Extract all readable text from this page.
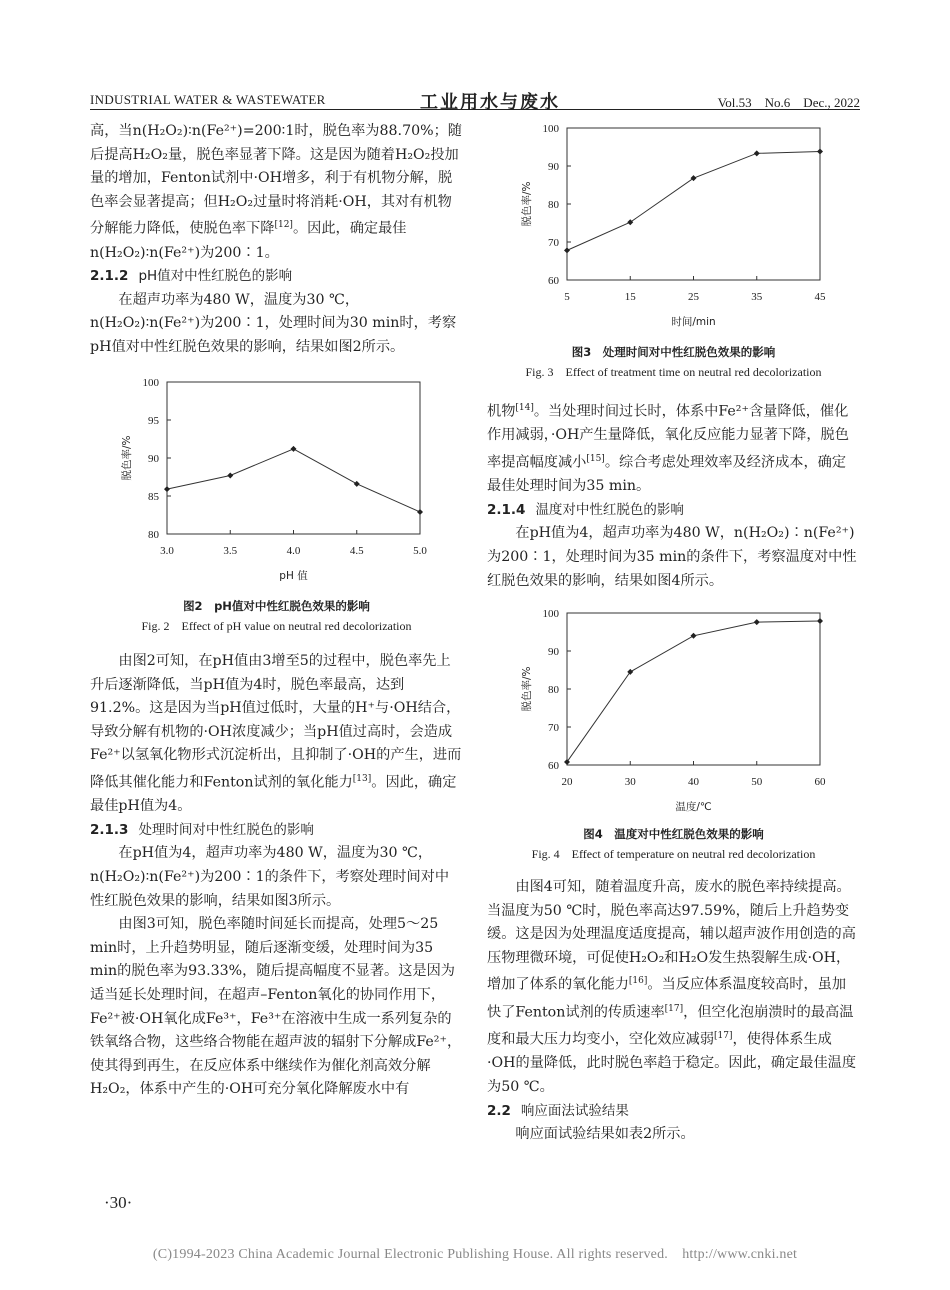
INDUSTRIAL WATER & WASTEWATER	工业用水与废水	Vol.53　No.6　Dec., 2022

高，当n(H₂O₂)∶n(Fe²⁺)=200∶1时，脱色率为88.70%；随后提高H₂O₂量，脱色率显著下降。这是因为随着H₂O₂投加量的增加，Fenton试剂中·OH增多，利于有机物分解，脱色率会显著提高；但H₂O₂过量时将消耗·OH，其对有机物分解能力降低，使脱色率下降[12]。因此，确定最佳n(H₂O₂)∶n(Fe²⁺)为200∶1。

2.1.2 pH值对中性红脱色的影响

在超声功率为480 W，温度为30 ℃，n(H₂O₂)∶n(Fe²⁺)为200∶1，处理时间为30 min时，考察pH值对中性红脱色效果的影响，结果如图2所示。

80
85
90
95
100
3.0	3.5	4.0	4.5	5.0
pH 值
脱色率/%
图2　pH值对中性红脱色效果的影响
Fig. 2　Effect of pH value on neutral red decolorization

由图2可知，在pH值由3增至5的过程中，脱色率先上升后逐渐降低，当pH值为4时，脱色率最高，达到91.2%。这是因为当pH值过低时，大量的H⁺与·OH结合，导致分解有机物的·OH浓度减少；当pH值过高时，会造成Fe²⁺以氢氧化物形式沉淀析出，且抑制了·OH的产生，进而降低其催化能力和Fenton试剂的氧化能力[13]。因此，确定最佳pH值为4。

2.1.3 处理时间对中性红脱色的影响

在pH值为4，超声功率为480 W，温度为30 ℃，n(H₂O₂)∶n(Fe²⁺)为200∶1的条件下，考察处理时间对中性红脱色效果的影响，结果如图3所示。

由图3可知，脱色率随时间延长而提高，处理5～25 min时，上升趋势明显，随后逐渐变缓，处理时间为35 min的脱色率为93.33%，随后提高幅度不显著。这是因为适当延长处理时间，在超声–Fenton氧化的协同作用下，Fe²⁺被·OH氧化成Fe³⁺，Fe³⁺在溶液中生成一系列复杂的铁氧络合物，这些络合物能在超声波的辐射下分解成Fe²⁺，使其得到再生，在反应体系中继续作为催化剂高效分解H₂O₂，体系中产生的·OH可充分氧化降解废水中有

60
70
80
90
100
5	15	25	35	45
时间/min
脱色率/%
图3　处理时间对中性红脱色效果的影响
Fig. 3　Effect of treatment time on neutral red decolorization

机物[14]。当处理时间过长时，体系中Fe²⁺含量降低，催化作用减弱，·OH产生量降低，氧化反应能力显著下降，脱色率提高幅度减小[15]。综合考虑处理效率及经济成本，确定最佳处理时间为35 min。

2.1.4 温度对中性红脱色的影响

在pH值为4，超声功率为480 W，n(H₂O₂)∶n(Fe²⁺)为200∶1，处理时间为35 min的条件下，考察温度对中性红脱色效果的影响，结果如图4所示。

60
70
80
90
100
20	30	40	50	60
温度/℃
脱色率/%
图4　温度对中性红脱色效果的影响
Fig. 4　Effect of temperature on neutral red decolorization

由图4可知，随着温度升高，废水的脱色率持续提高。当温度为50 ℃时，脱色率高达97.59%，随后上升趋势变缓。这是因为处理温度适度提高，辅以超声波作用创造的高压物理微环境，可促使H₂O₂和H₂O发生热裂解生成·OH，增加了体系的氧化能力[16]。当反应体系温度较高时，虽加快了Fenton试剂的传质速率[17]，但空化泡崩溃时的最高温度和最大压力均变小，空化效应减弱[17]，使得体系生成·OH的量降低，此时脱色率趋于稳定。因此，确定最佳温度为50 ℃。

2.2 响应面法试验结果

响应面试验结果如表2所示。

·30·
(C)1994-2023 China Academic Journal Electronic Publishing House. All rights reserved.　http://www.cnki.net
